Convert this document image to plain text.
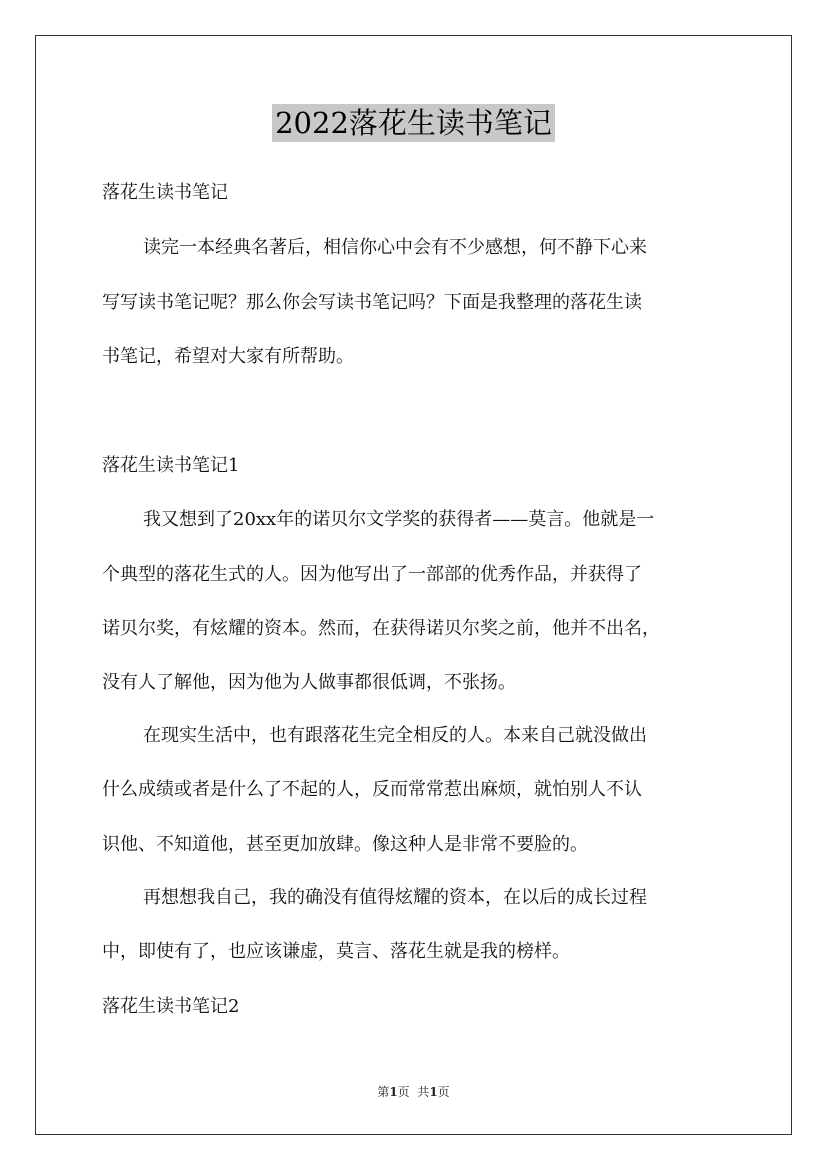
2022落花生读书笔记
落花生读书笔记
读完一本经典名著后，相信你心中会有不少感想，何不静下心来
写写读书笔记呢？那么你会写读书笔记吗？下面是我整理的落花生读
书笔记，希望对大家有所帮助。
落花生读书笔记1
我又想到了20xx年的诺贝尔文学奖的获得者——莫言。他就是一
个典型的落花生式的人。因为他写出了一部部的优秀作品，并获得了
诺贝尔奖，有炫耀的资本。然而，在获得诺贝尔奖之前，他并不出名，
没有人了解他，因为他为人做事都很低调，不张扬。
在现实生活中，也有跟落花生完全相反的人。本来自己就没做出
什么成绩或者是什么了不起的人，反而常常惹出麻烦，就怕别人不认
识他、不知道他，甚至更加放肆。像这种人是非常不要脸的。
再想想我自己，我的确没有值得炫耀的资本，在以后的成长过程
中，即使有了，也应该谦虚，莫言、落花生就是我的榜样。
落花生读书笔记2
第1页  共1页
